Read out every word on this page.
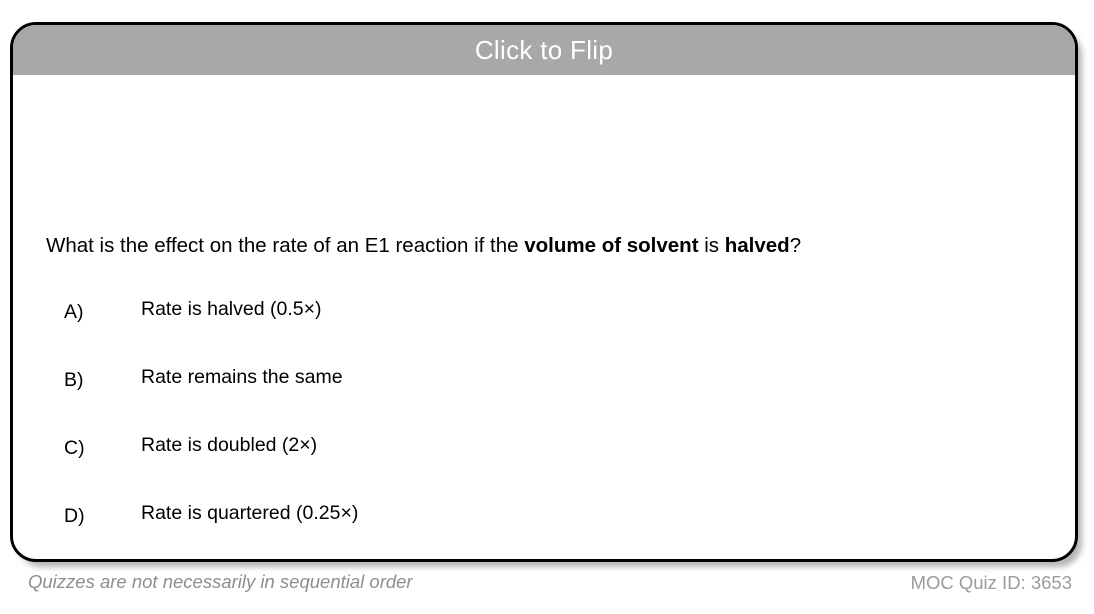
Click to Flip
What is the effect on the rate of an E1 reaction if the volume of solvent is halved?
A)	Rate is halved (0.5×)
B)	Rate remains the same
C)	Rate is doubled (2×)
D)	Rate is quartered (0.25×)
Quizzes are not necessarily in sequential order	MOC Quiz ID: 3653
